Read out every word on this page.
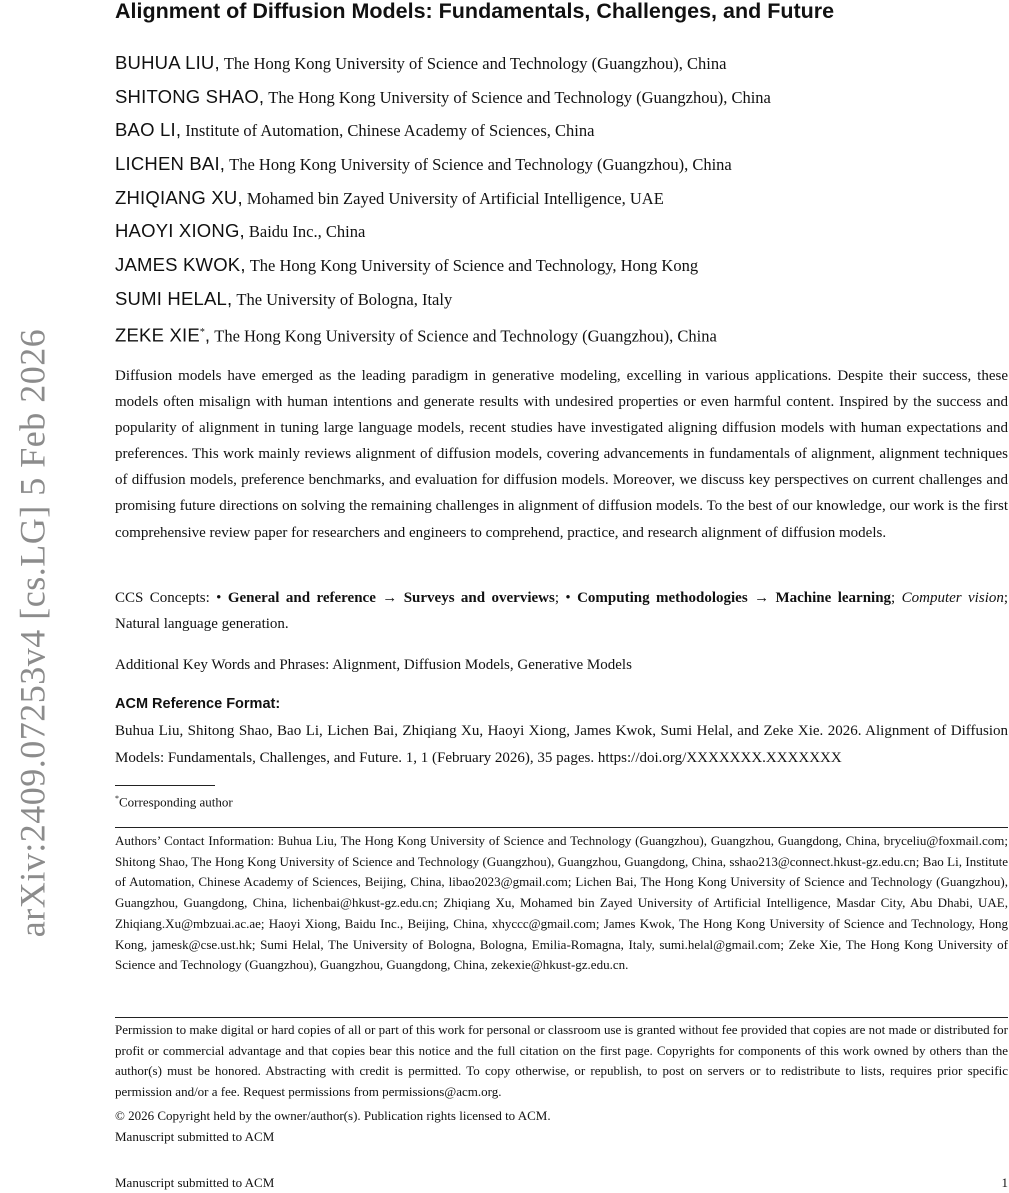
arXiv:2409.07253v4 [cs.LG] 5 Feb 2026
Alignment of Diffusion Models: Fundamentals, Challenges, and Future
BUHUA LIU, The Hong Kong University of Science and Technology (Guangzhou), China
SHITONG SHAO, The Hong Kong University of Science and Technology (Guangzhou), China
BAO LI, Institute of Automation, Chinese Academy of Sciences, China
LICHEN BAI, The Hong Kong University of Science and Technology (Guangzhou), China
ZHIQIANG XU, Mohamed bin Zayed University of Artificial Intelligence, UAE
HAOYI XIONG, Baidu Inc., China
JAMES KWOK, The Hong Kong University of Science and Technology, Hong Kong
SUMI HELAL, The University of Bologna, Italy
ZEKE XIE*, The Hong Kong University of Science and Technology (Guangzhou), China

Diffusion models have emerged as the leading paradigm in generative modeling, excelling in various applications. Despite their success, these models often misalign with human intentions and generate results with undesired properties or even harmful content. Inspired by the success and popularity of alignment in tuning large language models, recent studies have investigated aligning diffusion models with human expectations and preferences. This work mainly reviews alignment of diffusion models, covering advancements in fundamentals of alignment, alignment techniques of diffusion models, preference benchmarks, and evaluation for diffusion models. Moreover, we discuss key perspectives on current challenges and promising future directions on solving the remaining challenges in alignment of diffusion models. To the best of our knowledge, our work is the first comprehensive review paper for researchers and engineers to comprehend, practice, and research alignment of diffusion models.

CCS Concepts: • General and reference → Surveys and overviews; • Computing methodologies → Machine learning; Computer vision; Natural language generation.

Additional Key Words and Phrases: Alignment, Diffusion Models, Generative Models

ACM Reference Format:

Buhua Liu, Shitong Shao, Bao Li, Lichen Bai, Zhiqiang Xu, Haoyi Xiong, James Kwok, Sumi Helal, and Zeke Xie. 2026. Alignment of Diffusion Models: Fundamentals, Challenges, and Future. 1, 1 (February 2026), 35 pages. https://doi.org/XXXXXXX.XXXXXXX

*Corresponding author

Authors’ Contact Information: Buhua Liu, The Hong Kong University of Science and Technology (Guangzhou), Guangzhou, Guangdong, China, bryceliu@foxmail.com; Shitong Shao, The Hong Kong University of Science and Technology (Guangzhou), Guangzhou, Guangdong, China, sshao213@connect.hkust-gz.edu.cn; Bao Li, Institute of Automation, Chinese Academy of Sciences, Beijing, China, libao2023@gmail.com; Lichen Bai, The Hong Kong University of Science and Technology (Guangzhou), Guangzhou, Guangdong, China, lichenbai@hkust-gz.edu.cn; Zhiqiang Xu, Mohamed bin Zayed University of Artificial Intelligence, Masdar City, Abu Dhabi, UAE, Zhiqiang.Xu@mbzuai.ac.ae; Haoyi Xiong, Baidu Inc., Beijing, China, xhyccc@gmail.com; James Kwok, The Hong Kong University of Science and Technology, Hong Kong, jamesk@cse.ust.hk; Sumi Helal, The University of Bologna, Bologna, Emilia-Romagna, Italy, sumi.helal@gmail.com; Zeke Xie, The Hong Kong University of Science and Technology (Guangzhou), Guangzhou, Guangdong, China, zekexie@hkust-gz.edu.cn.

Permission to make digital or hard copies of all or part of this work for personal or classroom use is granted without fee provided that copies are not made or distributed for profit or commercial advantage and that copies bear this notice and the full citation on the first page. Copyrights for components of this work owned by others than the author(s) must be honored. Abstracting with credit is permitted. To copy otherwise, or republish, to post on servers or to redistribute to lists, requires prior specific permission and/or a fee. Request permissions from permissions@acm.org.

© 2026 Copyright held by the owner/author(s). Publication rights licensed to ACM.

Manuscript submitted to ACM

Manuscript submitted to ACM	1
